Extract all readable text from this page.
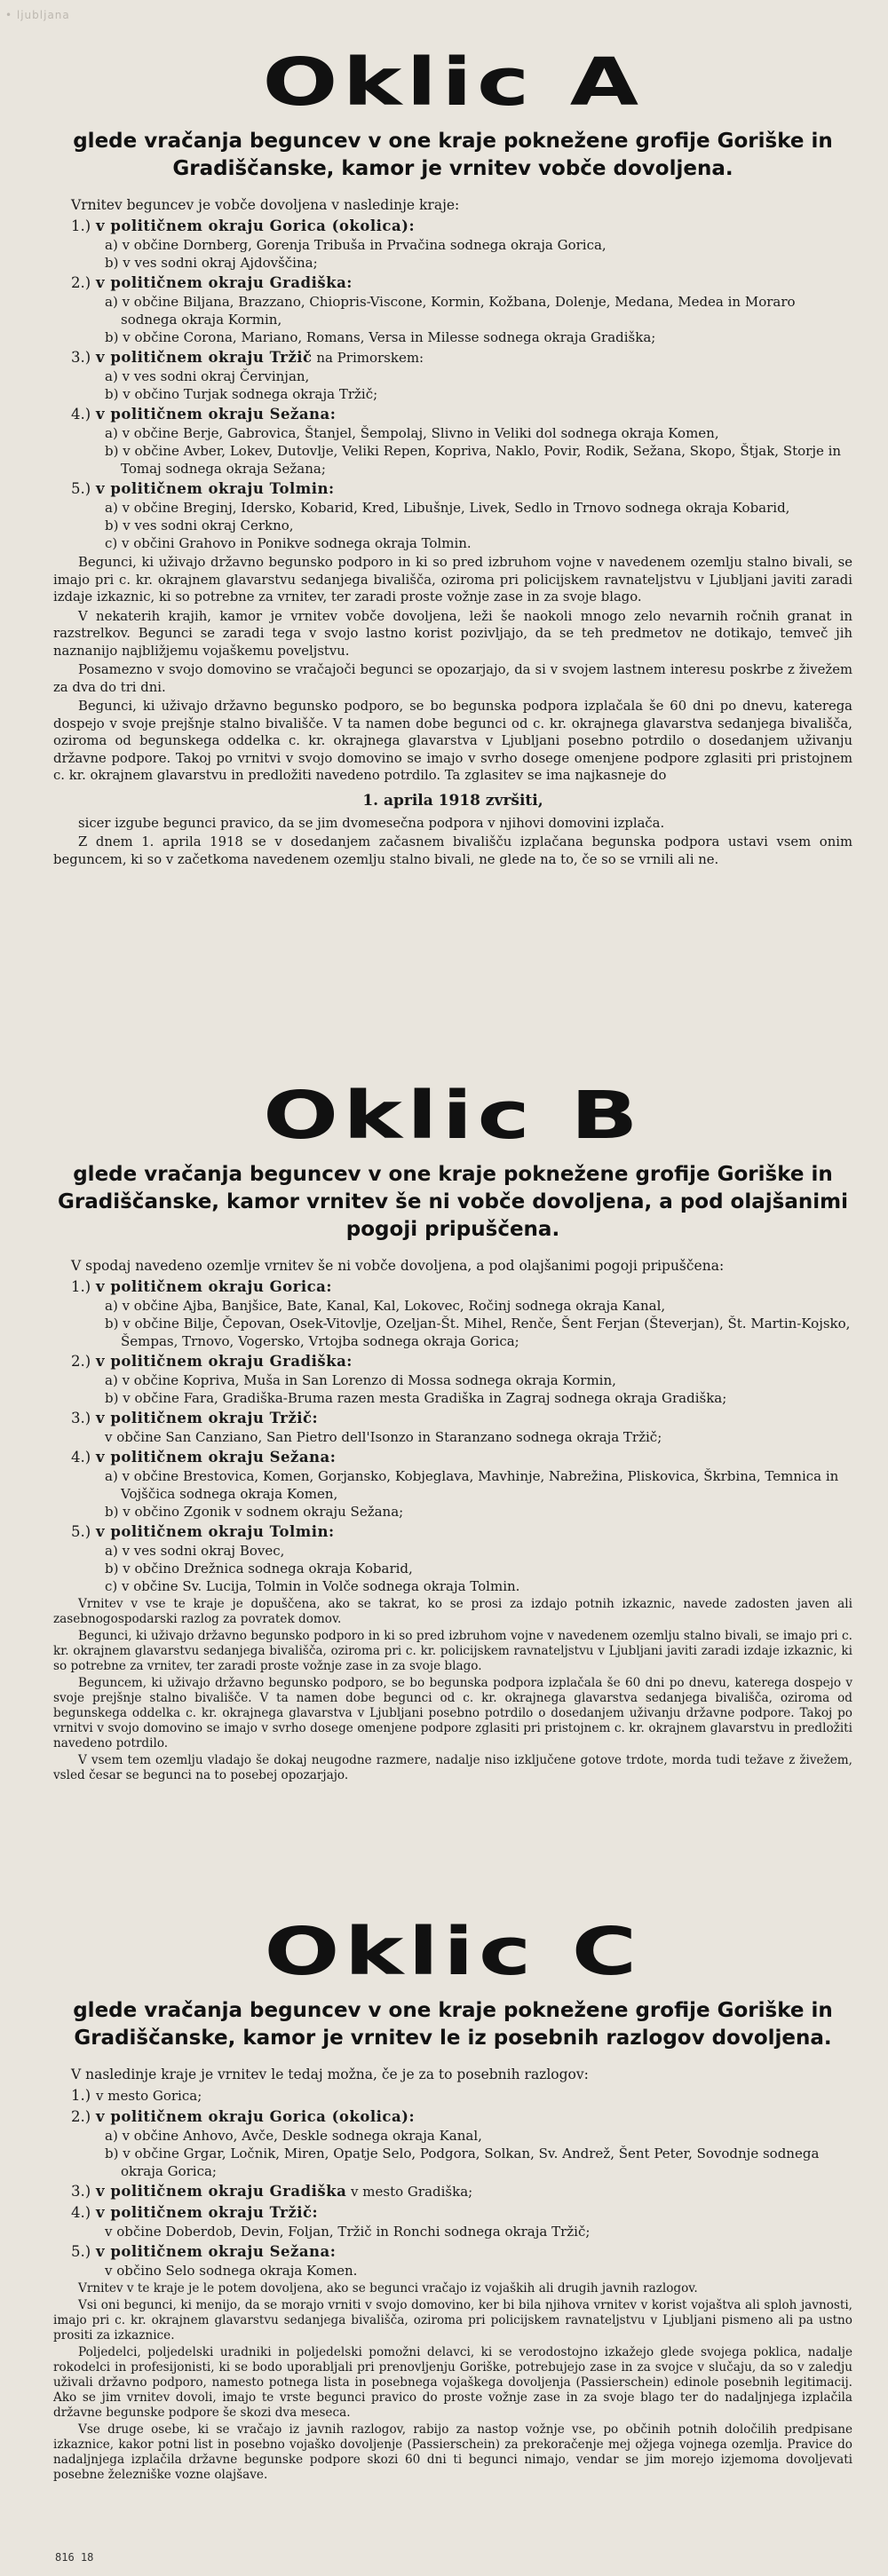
• ljubljana
Oklic A
glede vračanja beguncev v one kraje poknežene grofije Goriške in Gradiščanske, kamor je vrnitev vobče dovoljena.
Vrnitev beguncev je vobče dovoljena v nasledinje kraje:
1.) v političnem okraju Gorica (okolica):
a) v občine Dornberg, Gorenja Tribuša in Prvačina sodnega okraja Gorica,
b) v ves sodni okraj Ajdovščina;
2.) v političnem okraju Gradiška:
a) v občine Biljana, Brazzano, Chiopris-Viscone, Kormin, Kožbana, Dolenje, Medana, Medea in Moraro sodnega okraja Kormin,
b) v občine Corona, Mariano, Romans, Versa in Milesse sodnega okraja Gradiška;
3.) v političnem okraju Tržič na Primorskem:
a) v ves sodni okraj Červinjan,
b) v občino Turjak sodnega okraja Tržič;
4.) v političnem okraju Sežana:
a) v občine Berje, Gabrovica, Štanjel, Šempolaj, Slivno in Veliki dol sodnega okraja Komen,
b) v občine Avber, Lokev, Dutovlje, Veliki Repen, Kopriva, Naklo, Povir, Rodik, Sežana, Skopo, Štjak, Storje in Tomaj sodnega okraja Sežana;
5.) v političnem okraju Tolmin:
a) v občine Breginj, Idersko, Kobarid, Kred, Libušnje, Livek, Sedlo in Trnovo sodnega okraja Kobarid,
b) v ves sodni okraj Cerkno,
c) v občini Grahovo in Ponikve sodnega okraja Tolmin.

Begunci, ki uživajo državno begunsko podporo in ki so pred izbruhom vojne v navedenem ozemlju stalno bivali, se imajo pri c. kr. okrajnem glavarstvu sedanjega bivališča, oziroma pri policijskem ravnateljstvu v Ljubljani javiti zaradi izdaje izkaznic, ki so potrebne za vrnitev, ter zaradi proste vožnje zase in za svoje blago.

V nekaterih krajih, kamor je vrnitev vobče dovoljena, leži še naokoli mnogo zelo nevarnih ročnih granat in razstrelkov. Begunci se zaradi tega v svojo lastno korist pozivljajo, da se teh predmetov ne dotikajo, temveč jih naznanijo najbližjemu vojaškemu poveljstvu.

Posamezno v svojo domovino se vračajoči begunci se opozarjajo, da si v svojem lastnem interesu poskrbe z živežem za dva do tri dni.

Begunci, ki uživajo državno begunsko podporo, se bo begunska podpora izplačala še 60 dni po dnevu, katerega dospejo v svoje prejšnje stalno bivališče. V ta namen dobe begunci od c. kr. okrajnega glavarstva sedanjega bivališča, oziroma od begunskega oddelka c. kr. okrajnega glavarstva v Ljubljani posebno potrdilo o dosedanjem uživanju državne podpore. Takoj po vrnitvi v svojo domovino se imajo v svrho dosege omenjene podpore zglasiti pri pristojnem c. kr. okrajnem glavarstvu in predložiti navedeno potrdilo. Ta zglasitev se ima najkasneje do

1. aprila 1918 zvršiti,

sicer izgube begunci pravico, da se jim dvomesečna podpora v njihovi domovini izplača.

Z dnem 1. aprila 1918 se v dosedanjem začasnem bivališču izplačana begunska podpora ustavi vsem onim beguncem, ki so v začetkoma navedenem ozemlju stalno bivali, ne glede na to, če so se vrnili ali ne.

Oklic B
glede vračanja beguncev v one kraje poknežene grofije Goriške in Gradiščanske, kamor vrnitev še ni vobče dovoljena, a pod olajšanimi pogoji pripuščena.
V spodaj navedeno ozemlje vrnitev še ni vobče dovoljena, a pod olajšanimi pogoji pripuščena:
1.) v političnem okraju Gorica:
a) v občine Ajba, Banjšice, Bate, Kanal, Kal, Lokovec, Ročinj sodnega okraja Kanal,
b) v občine Bilje, Čepovan, Osek-Vitovlje, Ozeljan-Št. Mihel, Renče, Šent Ferjan (Števerjan), Št. Martin-Kojsko, Šempas, Trnovo, Vogersko, Vrtojba sodnega okraja Gorica;
2.) v političnem okraju Gradiška:
a) v občine Kopriva, Muša in San Lorenzo di Mossa sodnega okraja Kormin,
b) v občine Fara, Gradiška-Bruma razen mesta Gradiška in Zagraj sodnega okraja Gradiška;
3.) v političnem okraju Tržič:
v občine San Canziano, San Pietro dell'Isonzo in Staranzano sodnega okraja Tržič;
4.) v političnem okraju Sežana:
a) v občine Brestovica, Komen, Gorjansko, Kobjeglava, Mavhinje, Nabrežina, Pliskovica, Škrbina, Temnica in Vojščica sodnega okraja Komen,
b) v občino Zgonik v sodnem okraju Sežana;
5.) v političnem okraju Tolmin:
a) v ves sodni okraj Bovec,
b) v občino Drežnica sodnega okraja Kobarid,
c) v občine Sv. Lucija, Tolmin in Volče sodnega okraja Tolmin.

Vrnitev v vse te kraje je dopuščena, ako se takrat, ko se prosi za izdajo potnih izkaznic, navede zadosten javen ali zasebnogospodarski razlog za povratek domov.

Begunci, ki uživajo državno begunsko podporo in ki so pred izbruhom vojne v navedenem ozemlju stalno bivali, se imajo pri c. kr. okrajnem glavarstvu sedanjega bivališča, oziroma pri c. kr. policijskem ravnateljstvu v Ljubljani javiti zaradi izdaje izkaznic, ki so potrebne za vrnitev, ter zaradi proste vožnje zase in za svoje blago.

Beguncem, ki uživajo državno begunsko podporo, se bo begunska podpora izplačala še 60 dni po dnevu, katerega dospejo v svoje prejšnje stalno bivališče. V ta namen dobe begunci od c. kr. okrajnega glavarstva sedanjega bivališča, oziroma od begunskega oddelka c. kr. okrajnega glavarstva v Ljubljani posebno potrdilo o dosedanjem uživanju državne podpore. Takoj po vrnitvi v svojo domovino se imajo v svrho dosege omenjene podpore zglasiti pri pristojnem c. kr. okrajnem glavarstvu in predložiti navedeno potrdilo.

V vsem tem ozemlju vladajo še dokaj neugodne razmere, nadalje niso izključene gotove trdote, morda tudi težave z živežem, vsled česar se begunci na to posebej opozarjajo.

Oklic C
glede vračanja beguncev v one kraje poknežene grofije Goriške in Gradiščanske, kamor je vrnitev le iz posebnih razlogov dovoljena.
V nasledinje kraje je vrnitev le tedaj možna, če je za to posebnih razlogov:
1.) v mesto Gorica;
2.) v političnem okraju Gorica (okolica):
a) v občine Anhovo, Avče, Deskle sodnega okraja Kanal,
b) v občine Grgar, Ločnik, Miren, Opatje Selo, Podgora, Solkan, Sv. Andrež, Šent Peter, Sovodnje sodnega okraja Gorica;
3.) v političnem okraju Gradiška v mesto Gradiška;
4.) v političnem okraju Tržič:
v občine Doberdob, Devin, Foljan, Tržič in Ronchi sodnega okraja Tržič;
5.) v političnem okraju Sežana:
v občino Selo sodnega okraja Komen.

Vrnitev v te kraje je le potem dovoljena, ako se begunci vračajo iz vojaških ali drugih javnih razlogov.

Vsi oni begunci, ki menijo, da se morajo vrniti v svojo domovino, ker bi bila njihova vrnitev v korist vojaštva ali sploh javnosti, imajo pri c. kr. okrajnem glavarstvu sedanjega bivališča, oziroma pri policijskem ravnateljstvu v Ljubljani pismeno ali pa ustno prositi za izkaznice.

Poljedelci, poljedelski uradniki in poljedelski pomožni delavci, ki se verodostojno izkažejo glede svojega poklica, nadalje rokodelci in profesijonisti, ki se bodo uporabljali pri prenovljenju Goriške, potrebujejo zase in za svojce v slučaju, da so v zaledju uživali državno podporo, namesto potnega lista in posebnega vojaškega dovoljenja (Passierschein) edinole posebnih legitimacij. Ako se jim vrnitev dovoli, imajo te vrste begunci pravico do proste vožnje zase in za svoje blago ter do nadaljnjega izplačila državne begunske podpore še skozi dva meseca.

Vse druge osebe, ki se vračajo iz javnih razlogov, rabijo za nastop vožnje vse, po občinih potnih določilih predpisane izkaznice, kakor potni list in posebno vojaško dovoljenje (Passierschein) za prekoračenje mej ožjega vojnega ozemlja. Pravice do nadaljnjega izplačila državne begunske podpore skozi 60 dni ti begunci nimajo, vendar se jim morejo izjemoma dovoljevati posebne železniške vozne olajšave.

816 18
